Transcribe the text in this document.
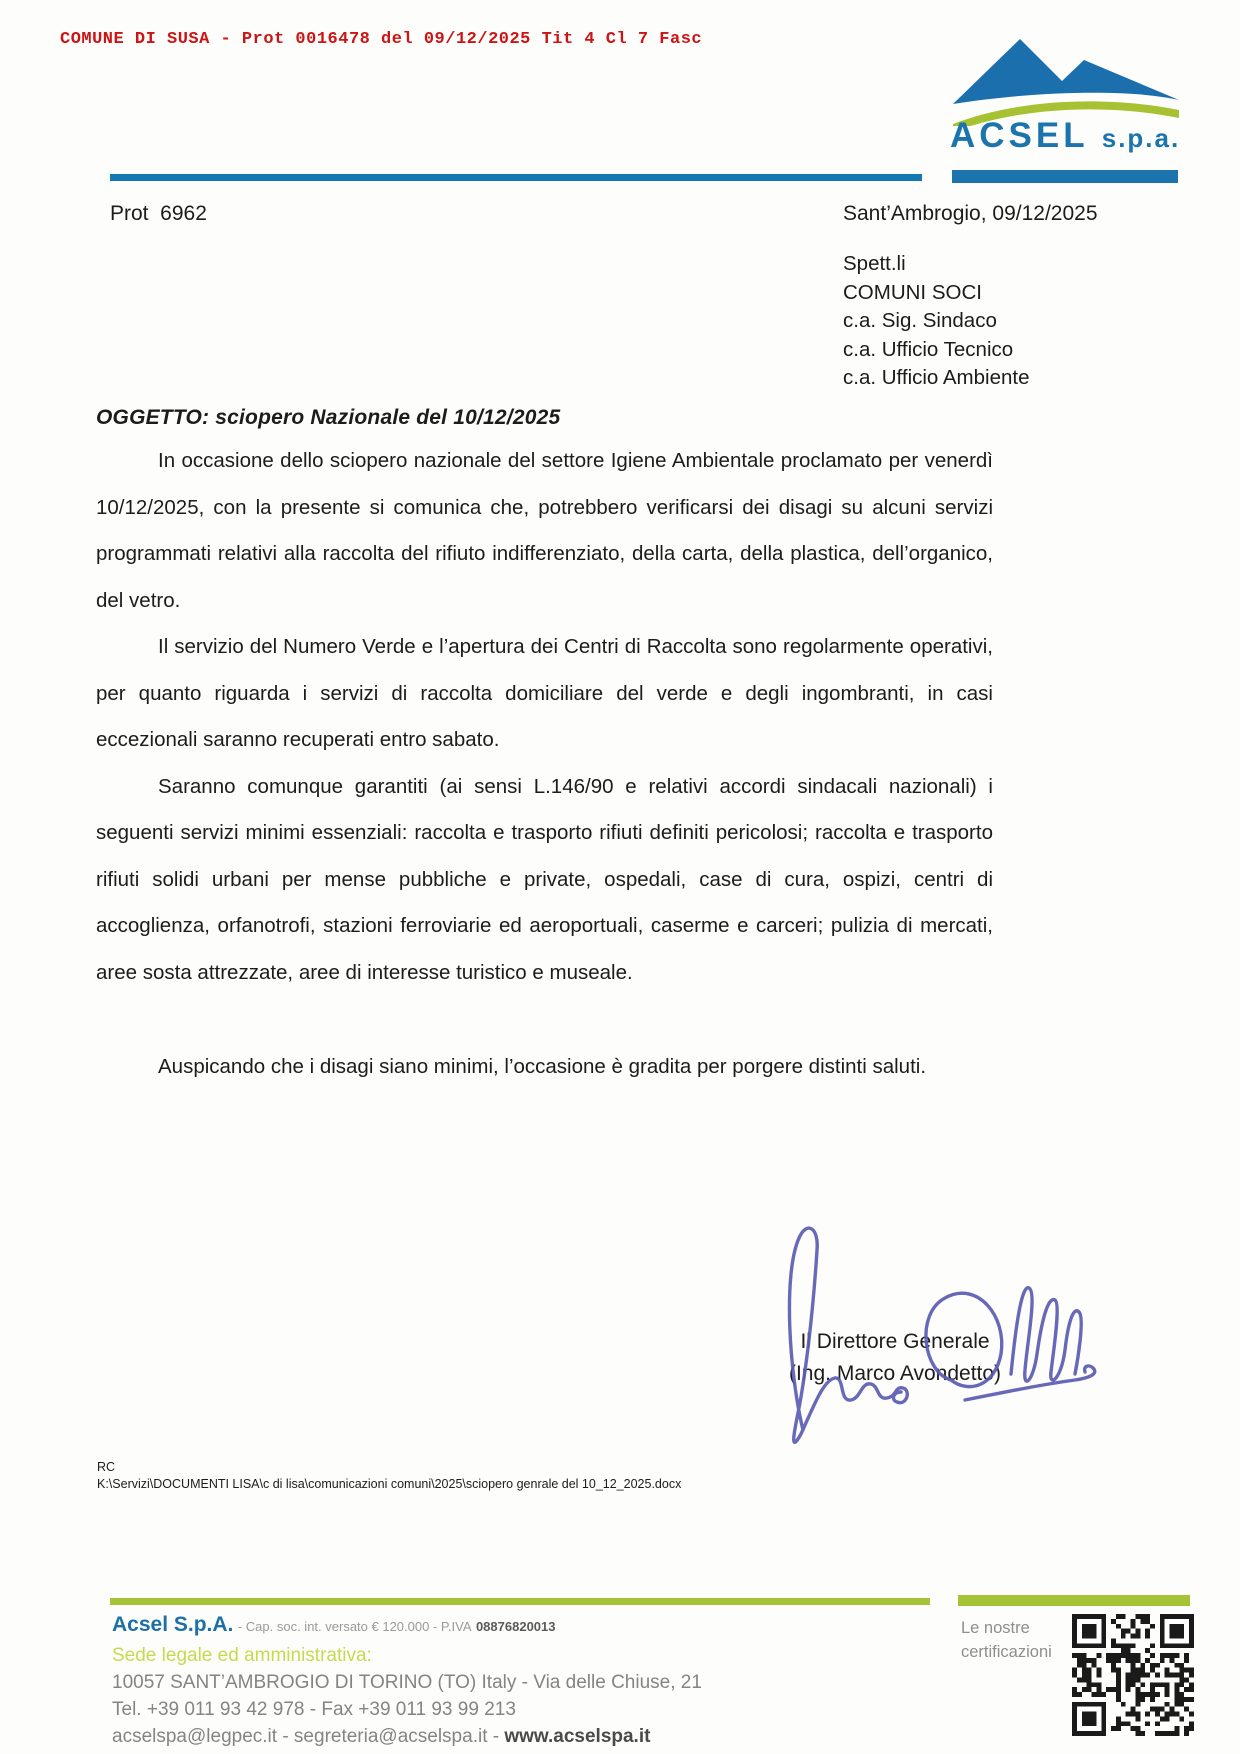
COMUNE DI SUSA - Prot 0016478 del 09/12/2025 Tit 4 Cl 7 Fasc
ACSEL s.p.a.
Prot  6962	Sant’Ambrogio, 09/12/2025
Spett.li
COMUNI SOCI
c.a. Sig. Sindaco
c.a. Ufficio Tecnico
c.a. Ufficio Ambiente
OGGETTO: sciopero Nazionale del 10/12/2025

In occasione dello sciopero nazionale del settore Igiene Ambientale proclamato per venerdì 10/12/2025, con la presente si comunica che, potrebbero verificarsi dei disagi su alcuni servizi programmati relativi alla raccolta del rifiuto indifferenziato, della carta, della plastica, dell’organico, del vetro.

Il servizio del Numero Verde e l’apertura dei Centri di Raccolta sono regolarmente operativi, per quanto riguarda i servizi di raccolta domiciliare del verde e degli ingombranti, in casi eccezionali saranno recuperati entro sabato.

Saranno comunque garantiti (ai sensi L.146/90 e relativi accordi sindacali nazionali) i seguenti servizi minimi essenziali: raccolta e trasporto rifiuti definiti pericolosi; raccolta e trasporto rifiuti solidi urbani per mense pubbliche e private, ospedali, case di cura, ospizi, centri di accoglienza, orfanotrofi, stazioni ferroviarie ed aeroportuali, caserme e carceri; pulizia di mercati, aree sosta attrezzate, aree di interesse turistico e museale.

Auspicando che i disagi siano minimi, l’occasione è gradita per porgere distinti saluti.

Il Direttore Generale
(Ing. Marco Avondetto)
RC
K:\Servizi\DOCUMENTI LISA\c di lisa\comunicazioni comuni\2025\sciopero genrale del 10_12_2025.docx
Acsel S.p.A. - Cap. soc. int. versato € 120.000 - P.IVA 08876820013
Sede legale ed amministrativa:
10057 SANT’AMBROGIO DI TORINO (TO) Italy - Via delle Chiuse, 21
Tel. +39 011 93 42 978 - Fax +39 011 93 99 213
acselspa@legpec.it - segreteria@acselspa.it - www.acselspa.it
Le nostre
certificazioni
